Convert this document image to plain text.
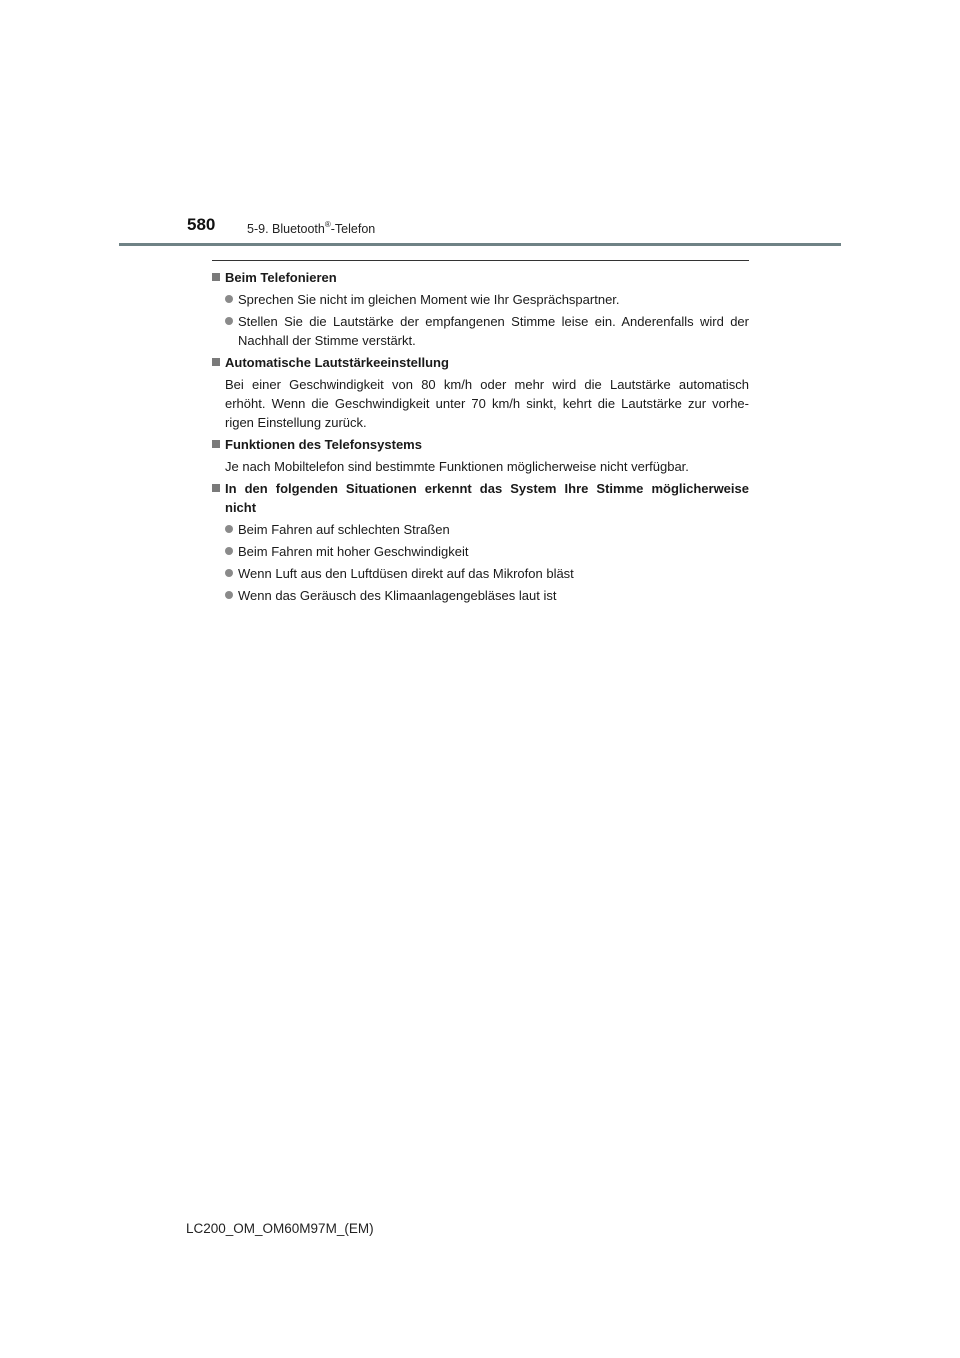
580	5-9. Bluetooth®-Telefon
Beim Telefonieren
Sprechen Sie nicht im gleichen Moment wie Ihr Gesprächspartner.
Stellen Sie die Lautstärke der empfangenen Stimme leise ein. Anderenfalls wird der Nachhall der Stimme verstärkt.
Automatische Lautstärkeeinstellung
Bei einer Geschwindigkeit von 80 km/h oder mehr wird die Lautstärke automatisch
erhöht. Wenn die Geschwindigkeit unter 70 km/h sinkt, kehrt die Lautstärke zur vorhe-
rigen Einstellung zurück.
Funktionen des Telefonsystems
Je nach Mobiltelefon sind bestimmte Funktionen möglicherweise nicht verfügbar.
In den folgenden Situationen erkennt das System Ihre Stimme möglicherweise
nicht
Beim Fahren auf schlechten Straßen
Beim Fahren mit hoher Geschwindigkeit
Wenn Luft aus den Luftdüsen direkt auf das Mikrofon bläst
Wenn das Geräusch des Klimaanlagengebläses laut ist
LC200_OM_OM60M97M_(EM)
